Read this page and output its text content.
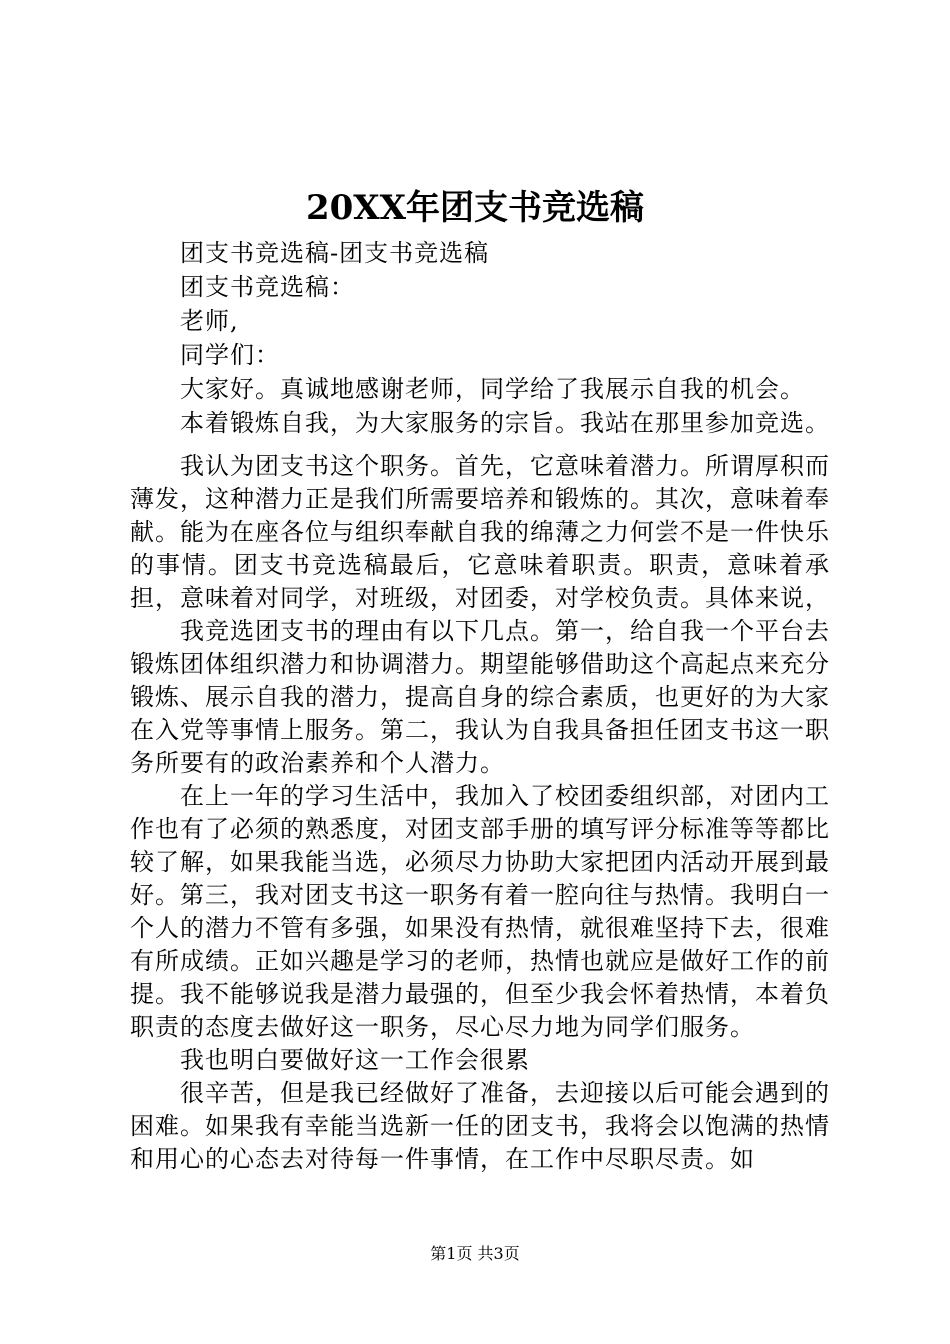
20XX年团支书竞选稿
团支书竞选稿-团支书竞选稿
团支书竞选稿：
老师,
同学们：
大家好。真诚地感谢老师，同学给了我展示自我的机会。
本着锻炼自我，为大家服务的宗旨。我站在那里参加竞选。

我认为团支书这个职务。首先，它意味着潜力。所谓厚积而薄发，这种潜力正是我们所需要培养和锻炼的。其次，意味着奉献。能为在座各位与组织奉献自我的绵薄之力何尝不是一件快乐的事情。团支书竞选稿最后，它意味着职责。职责，意味着承担，意味着对同学，对班级，对团委，对学校负责。具体来说，

我竞选团支书的理由有以下几点。第一，给自我一个平台去锻炼团体组织潜力和协调潜力。期望能够借助这个高起点来充分锻炼、展示自我的潜力，提高自身的综合素质，也更好的为大家在入党等事情上服务。第二，我认为自我具备担任团支书这一职务所要有的政治素养和个人潜力。

在上一年的学习生活中，我加入了校团委组织部，对团内工作也有了必须的熟悉度，对团支部手册的填写评分标准等等都比较了解，如果我能当选，必须尽力协助大家把团内活动开展到最好。第三，我对团支书这一职务有着一腔向往与热情。我明白一个人的潜力不管有多强，如果没有热情，就很难坚持下去，很难有所成绩。正如兴趣是学习的老师，热情也就应是做好工作的前提。我不能够说我是潜力最强的，但至少我会怀着热情，本着负职责的态度去做好这一职务，尽心尽力地为同学们服务。

我也明白要做好这一工作会很累

很辛苦，但是我已经做好了准备，去迎接以后可能会遇到的困难。如果我有幸能当选新一任的团支书，我将会以饱满的热情和用心的心态去对待每一件事情，在工作中尽职尽责。如

第1页 共3页
